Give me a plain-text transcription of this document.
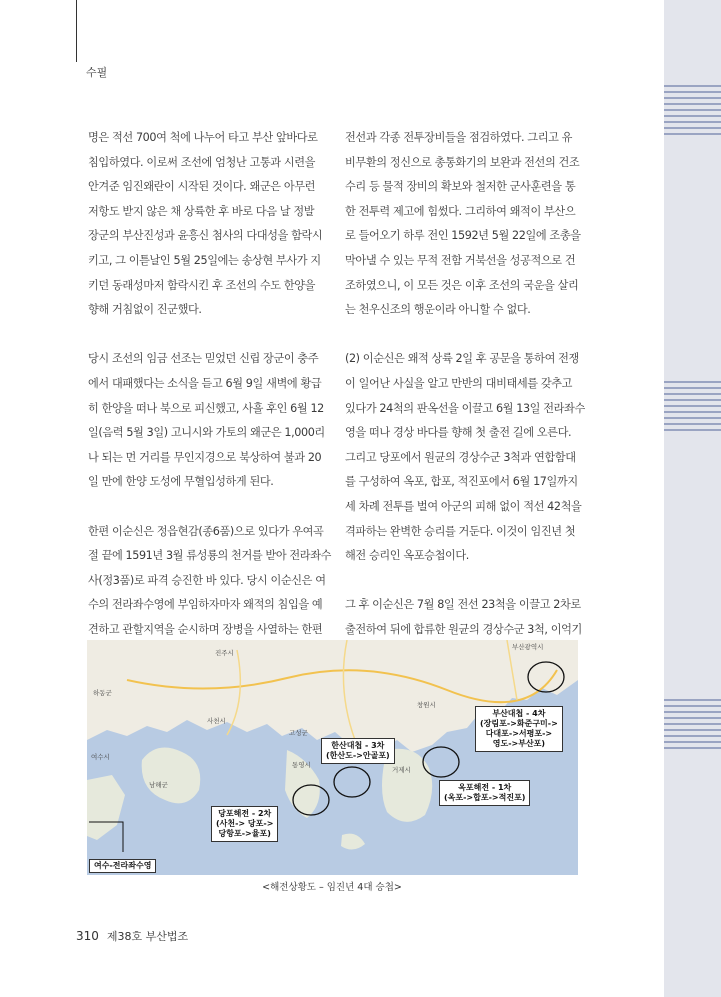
수필

명은 적선 700여 척에 나누어 타고 부산 앞바다로

침입하였다. 이로써 조선에 엄청난 고통과 시련을

안겨준 임진왜란이 시작된 것이다. 왜군은 아무런

저항도 받지 않은 채 상륙한 후 바로 다음 날 정발

장군의 부산진성과 윤흥신 첨사의 다대성을 함락시

키고, 그 이튿날인 5월 25일에는 송상현 부사가 지

키던 동래성마저 함락시킨 후 조선의 수도 한양을

향해 거침없이 진군했다.

당시 조선의 임금 선조는 믿었던 신립 장군이 충주

에서 대패했다는 소식을 듣고 6월 9일 새벽에 황급

히 한양을 떠나 북으로 피신했고, 사흘 후인 6월 12

일(음력 5월 3일) 고니시와 가토의 왜군은 1,000리

나 되는 먼 거리를 무인지경으로 북상하여 불과 20

일 만에 한양 도성에 무혈입성하게 된다.

한편 이순신은 정읍현감(종6품)으로 있다가 우여곡

절 끝에 1591년 3월 류성룡의 천거를 받아 전라좌수

사(정3품)로 파격 승진한 바 있다. 당시 이순신은 여

수의 전라좌수영에 부임하자마자 왜적의 침입을 예

견하고 관할지역을 순시하며 장병을 사열하는 한편

전선과 각종 전투장비들을 점검하였다. 그리고 유

비무환의 정신으로 총통화기의 보완과 전선의 건조

수리 등 물적 장비의 확보와 철저한 군사훈련을 통

한 전투력 제고에 힘썼다. 그리하여 왜적이 부산으

로 들어오기 하루 전인 1592년 5월 22일에 조총을

막아낼 수 있는 무적 전함 거북선을 성공적으로 건

조하였으니, 이 모든 것은 이후 조선의 국운을 살리

는 천우신조의 행운이라 아니할 수 없다.

(2) 이순신은 왜적 상륙 2일 후 공문을 통하여 전쟁

이 일어난 사실을 알고 만반의 대비태세를 갖추고

있다가 24척의 판옥선을 이끌고 6월 13일 전라좌수

영을 떠나 경상 바다를 향해 첫 출전 길에 오른다.

그리고 당포에서 원균의 경상수군 3척과 연합함대

를 구성하여 옥포, 합포, 적진포에서 6월 17일까지

세 차례 전투를 벌여 아군의 피해 없이 적선 42척을

격파하는 완벽한 승리를 거둔다. 이것이 임진년 첫

해전 승리인 옥포승첩이다.

그 후 이순신은 7월 8일 전선 23척을 이끌고 2차로

출전하여 뒤에 합류한 원균의 경상수군 3척, 이억기

부산광역시
진주시
사천시
고성군
거제시
남해군
하동군
창원시
여수시
통영시
부산대첩 - 4차
(장림포->화준구미->
다대포->서평포->
영도->부산포)
한산대첩 - 3차
(한산도->안골포)
옥포해전 - 1차
(옥포->합포->적진포)
당포해전 - 2차
(사천-> 당포->
당항포->율포)
여수-전라좌수영
<해전상황도 – 임진년 4대 승첩>
310 제38호 부산법조
